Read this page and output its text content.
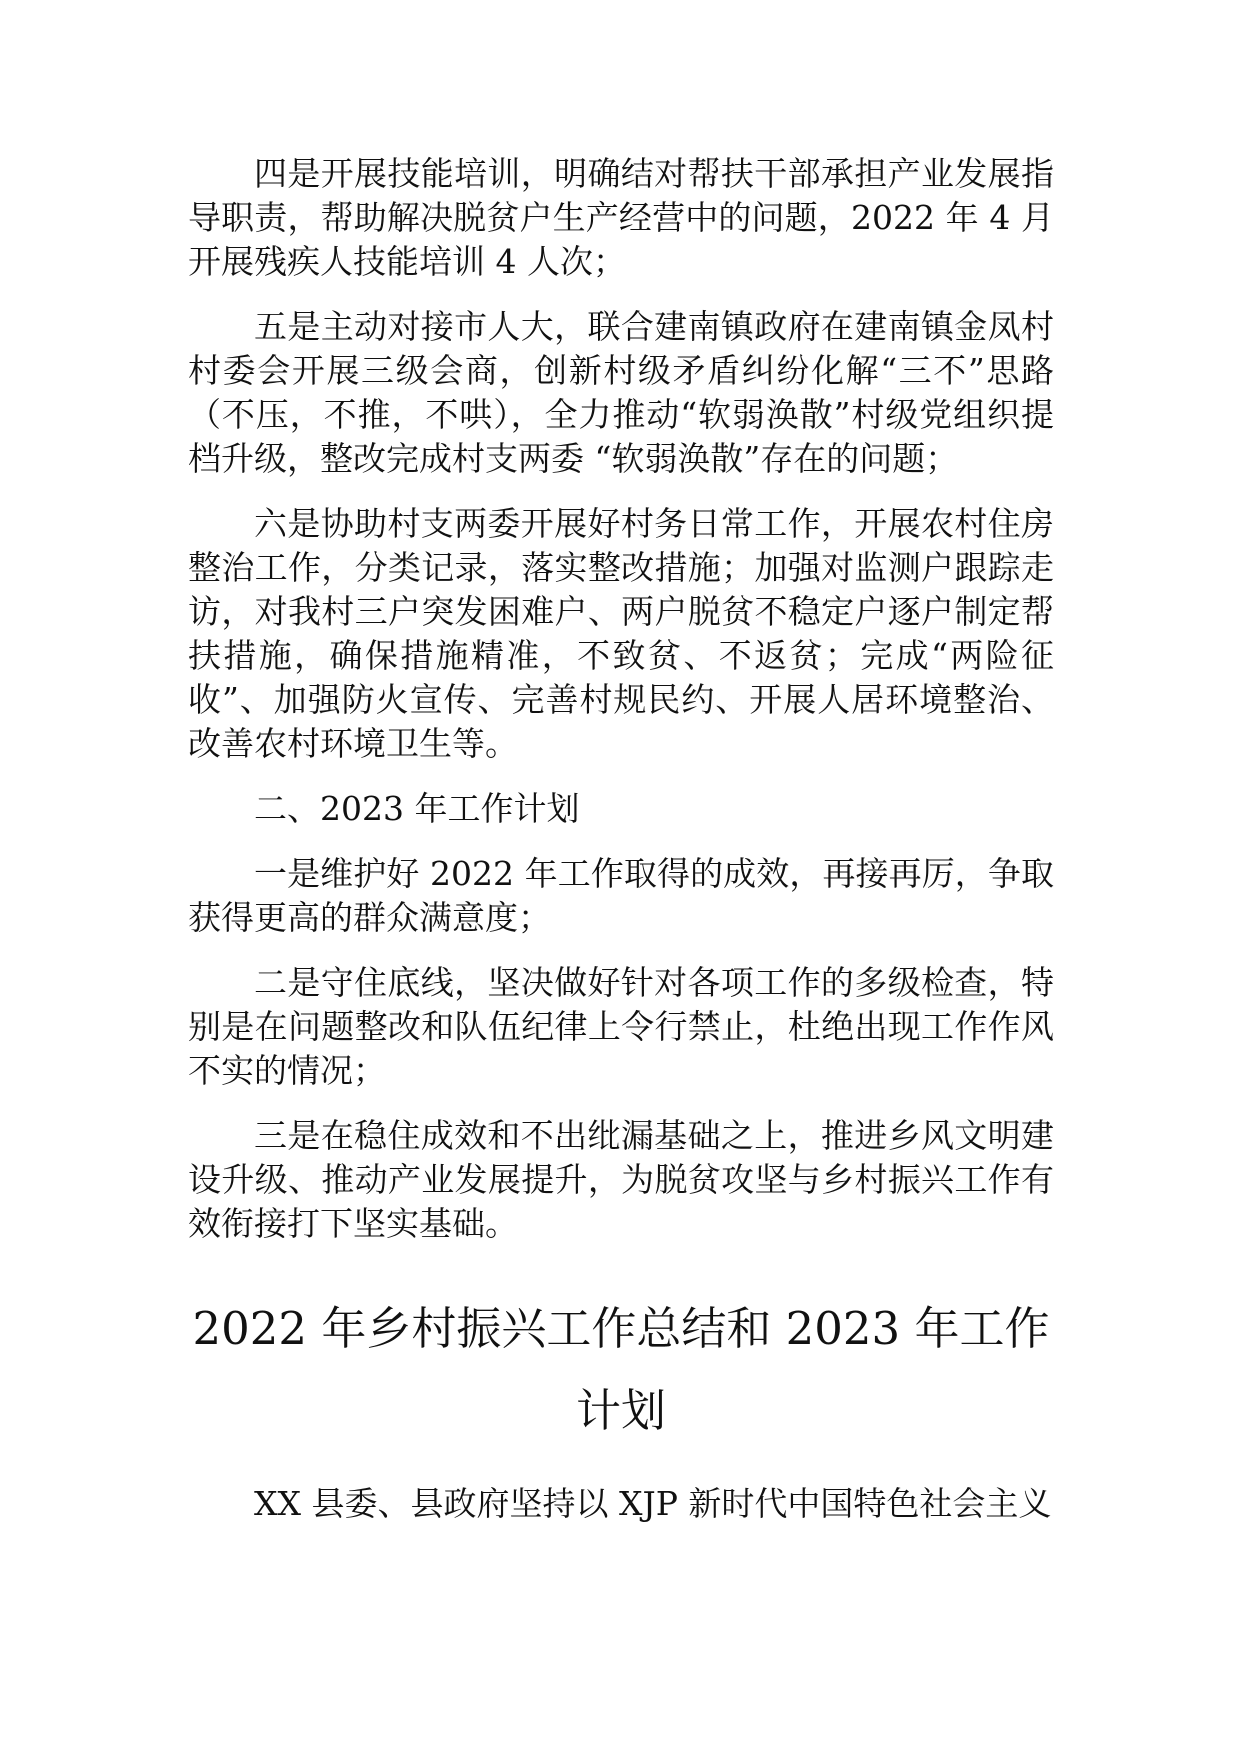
四是开展技能培训，明确结对帮扶干部承担产业发展指导职责，帮助解决脱贫户生产经营中的问题，2022 年 4 月开展残疾人技能培训 4 人次；

五是主动对接市人大，联合建南镇政府在建南镇金凤村村委会开展三级会商，创新村级矛盾纠纷化解“三不”思路（不压，不推，不哄），全力推动“软弱涣散”村级党组织提档升级，整改完成村支两委 “软弱涣散”存在的问题；

六是协助村支两委开展好村务日常工作，开展农村住房整治工作，分类记录，落实整改措施；加强对监测户跟踪走访，对我村三户突发困难户、两户脱贫不稳定户逐户制定帮扶措施，确保措施精准，不致贫、不返贫；完成“两险征收”、加强防火宣传、完善村规民约、开展人居环境整治、改善农村环境卫生等。

二、2023 年工作计划

一是维护好 2022 年工作取得的成效，再接再厉，争取获得更高的群众满意度；

二是守住底线，坚决做好针对各项工作的多级检查，特别是在问题整改和队伍纪律上令行禁止，杜绝出现工作作风不实的情况；

三是在稳住成效和不出纰漏基础之上，推进乡风文明建设升级、推动产业发展提升，为脱贫攻坚与乡村振兴工作有效衔接打下坚实基础。

2022 年乡村振兴工作总结和 2023 年工作计划

XX 县委、县政府坚持以 XJP 新时代中国特色社会主义
